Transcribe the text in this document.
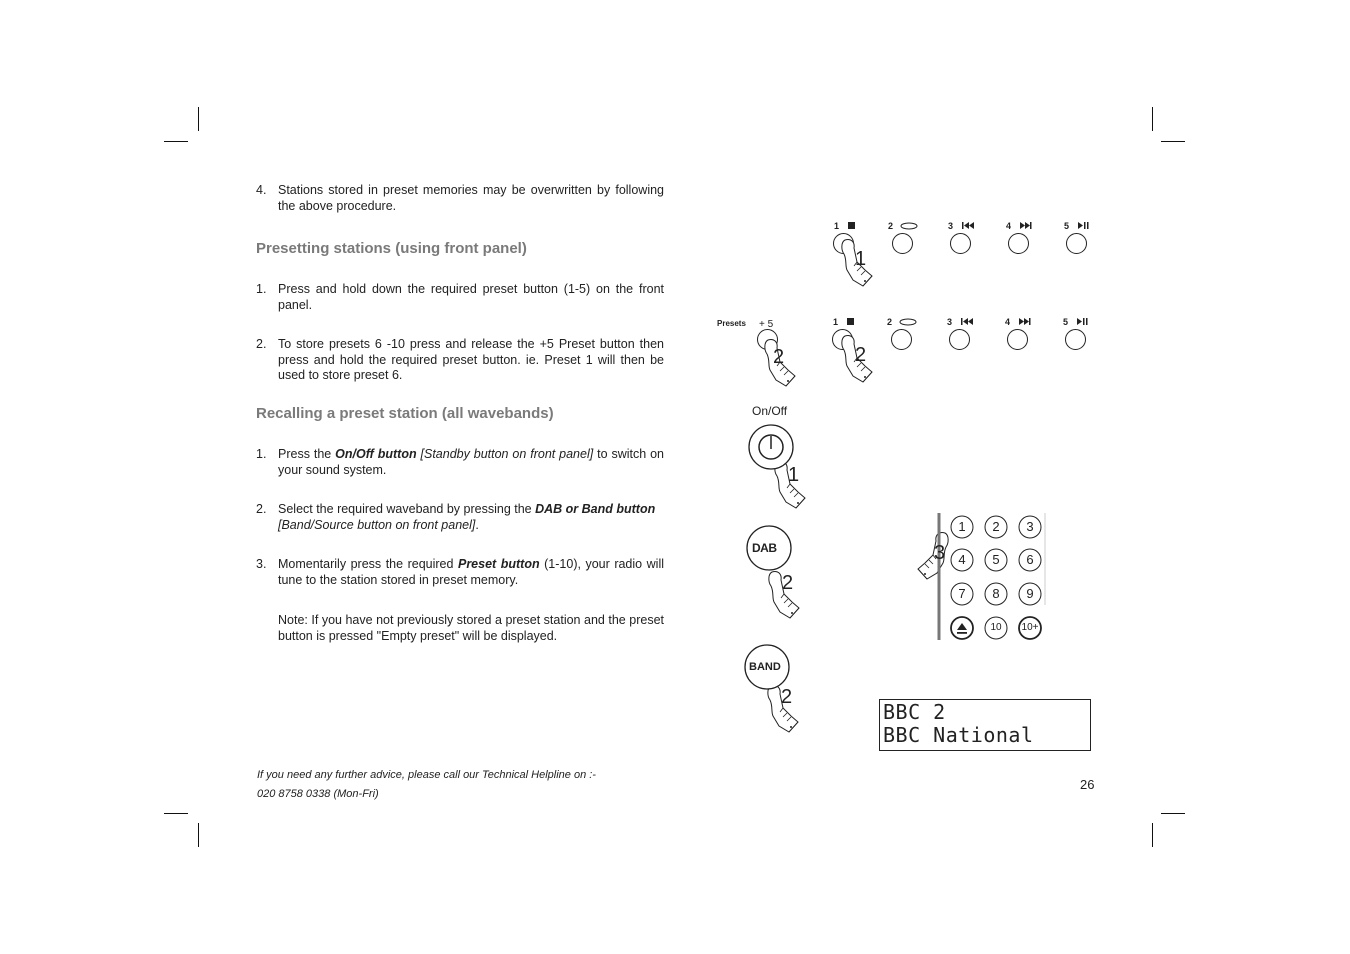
4. Stations stored in preset memories may be overwritten by following the above procedure.
Presetting stations (using front panel)
1. Press and hold down the required preset button (1-5) on the front panel.
2. To store presets 6 -10 press and release the +5 Preset button then press and hold the required preset button. ie. Preset 1 will then be used to store preset 6.
Recalling a preset station (all wavebands)
1. Press the On/Off button [Standby button on front panel] to switch on your sound system.
2. Select the required waveband by pressing the DAB or Band button
[Band/Source button on front panel].
3. Momentarily press the required Preset button (1-10), your radio will tune to the station stored in preset memory.
Note: If you have not previously stored a preset station and the preset button is pressed "Empty preset" will be displayed.
If you need any further advice, please call our Technical Helpline on :-
020 8758 0338 (Mon-Fri)
26
1	2	3	4	5
Presets + 5	1	2	3	4	5
On/Off
DAB
BAND
1
2	2
1
2
3
2
1 2 3
4 5 6
7 8 9
10	10+
BBC 2
BBC National
